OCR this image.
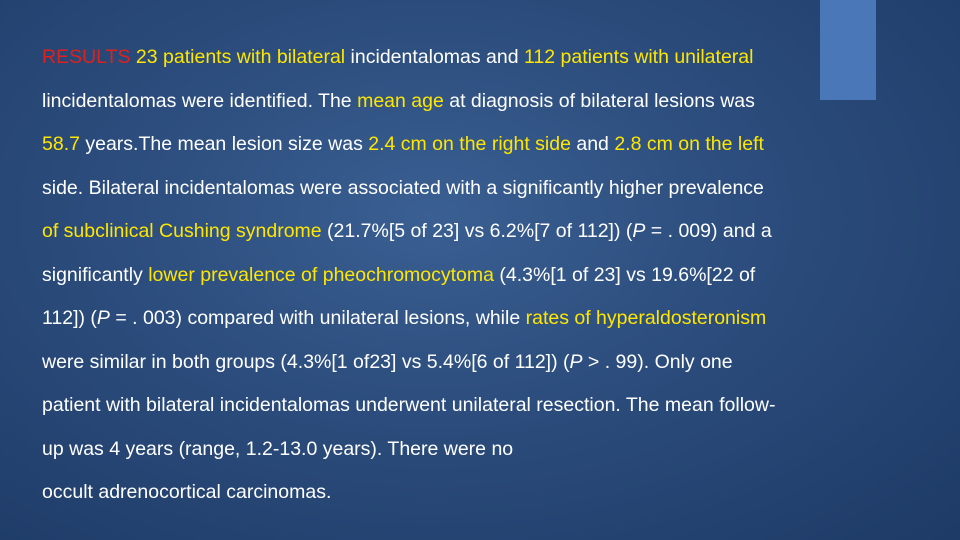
RESULTS 23 patients with bilateral incidentalomas and 112 patients with unilateral
lincidentalomas were identified. The mean age at diagnosis of bilateral lesions was
58.7 years.The mean lesion size was 2.4 cm on the right side and 2.8 cm on the left
side. Bilateral incidentalomas were associated with a significantly higher prevalence
of subclinical Cushing syndrome (21.7%[5 of 23] vs 6.2%[7 of 112]) (P = . 009) and a
significantly lower prevalence of pheochromocytoma (4.3%[1 of 23] vs 19.6%[22 of
112]) (P = . 003) compared with unilateral lesions, while rates of hyperaldosteronism
were similar in both groups (4.3%[1 of23] vs 5.4%[6 of 112]) (P > . 99). Only one
patient with bilateral incidentalomas underwent unilateral resection. The mean follow-
up was 4 years (range, 1.2-13.0 years). There were no
occult adrenocortical carcinomas.
